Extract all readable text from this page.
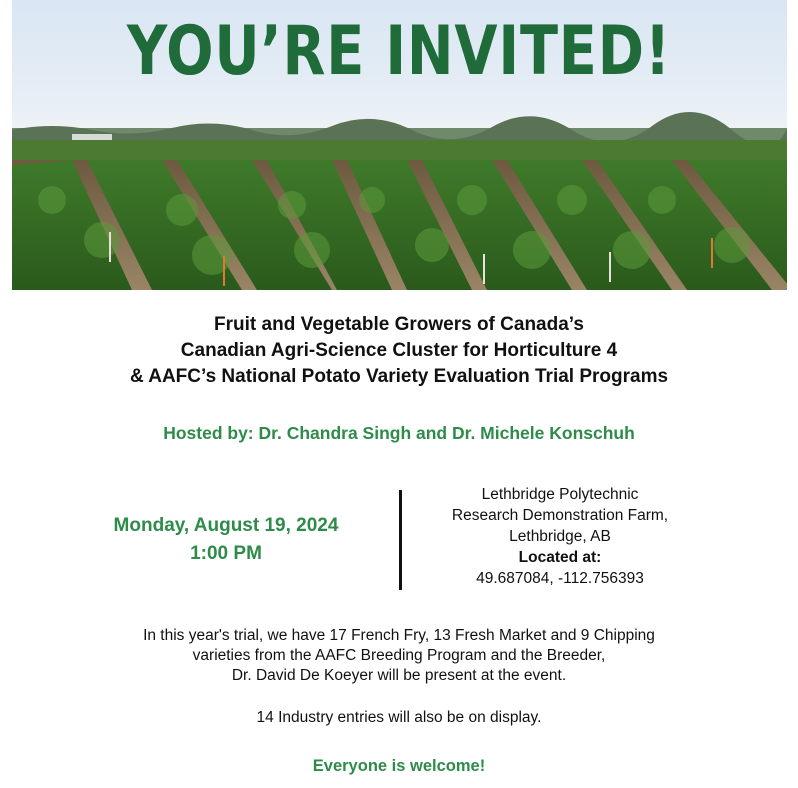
YOU’RE INVITED!
Fruit and Vegetable Growers of Canada’s
Canadian Agri-Science Cluster for Horticulture 4
& AAFC’s National Potato Variety Evaluation Trial Programs
Hosted by: Dr. Chandra Singh and Dr. Michele Konschuh
Monday, August 19, 2024
1:00 PM
Lethbridge Polytechnic
Research Demonstration Farm,
Lethbridge, AB
Located at:
49.687084, -112.756393
In this year's trial, we have 17 French Fry, 13 Fresh Market and 9 Chipping
varieties from the AAFC Breeding Program and the Breeder,
Dr. David De Koeyer will be present at the event.
14 Industry entries will also be on display.
Everyone is welcome!
